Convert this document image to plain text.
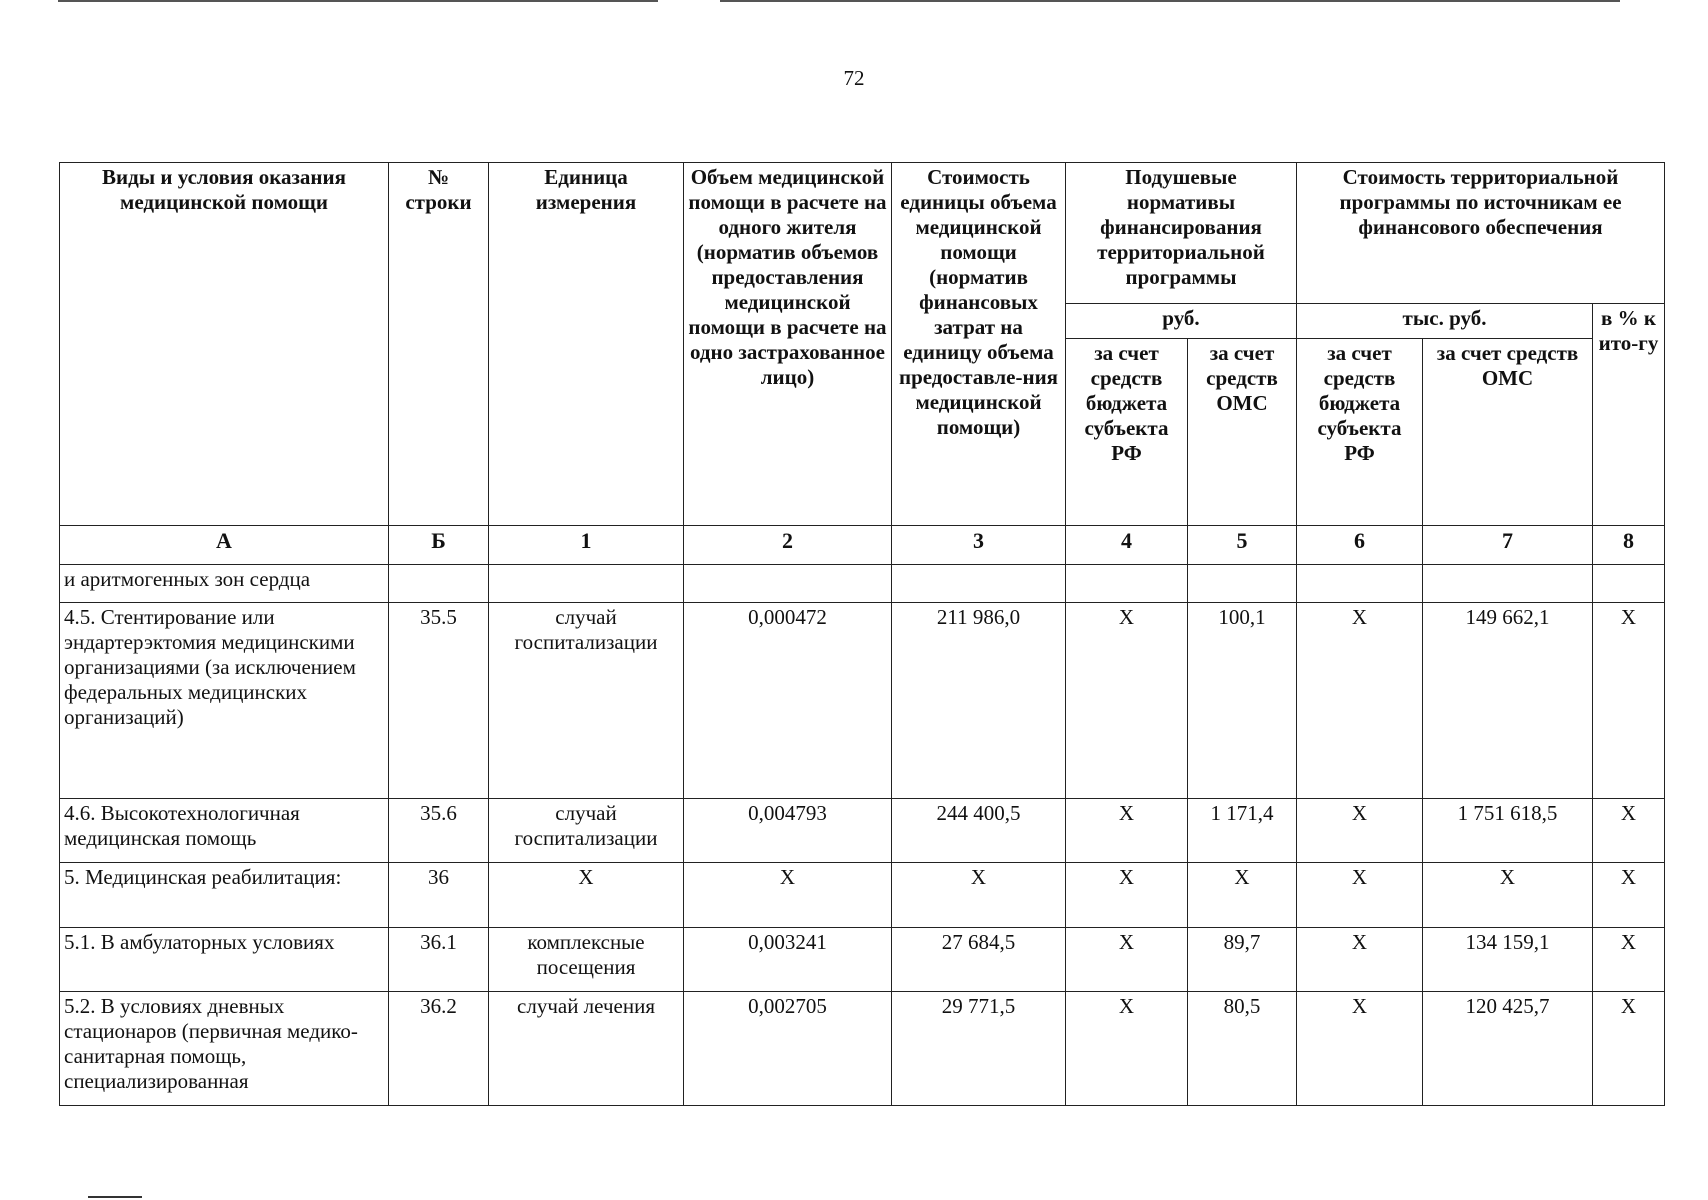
72
Виды и условия оказания медицинской помощи	№ строки	Единица измерения	Объем медицинской помощи в расчете на одного жителя (норматив объемов предоставления медицинской помощи в расчете на одно застрахованное лицо)	Стоимость единицы объема медицинской помощи (норматив финансовых затрат на единицу объема предоставле-ния медицинской помощи)	Подушевые нормативы финансирования территориальной программы		Стоимость территориальной программы по источникам ее финансового обеспечения		
					руб.		тыс. руб.		в % к ито-гу
					за счет средств бюджета субъекта РФ	за счет средств ОМС	за счет средств бюджета субъекта РФ	за счет средств ОМС	
А	Б	1	2	3	4	5	6	7	8
и аритмогенных зон сердца									
4.5. Стентирование или эндартерэктомия медицинскими организациями (за исключением федеральных медицинских организаций)	35.5	случай госпитализации	0,000472	211 986,0	Х	100,1	Х	149 662,1	Х
4.6. Высокотехнологичная медицинская помощь	35.6	случай госпитализации	0,004793	244 400,5	Х	1 171,4	Х	1 751 618,5	Х
5. Медицинская реабилитация:	36	Х	Х	Х	Х	Х	Х	Х	Х
5.1. В амбулаторных условиях	36.1	комплексные посещения	0,003241	27 684,5	Х	89,7	Х	134 159,1	Х
5.2. В условиях дневных стационаров (первичная медико-санитарная помощь, специализированная	36.2	случай лечения	0,002705	29 771,5	Х	80,5	Х	120 425,7	Х
